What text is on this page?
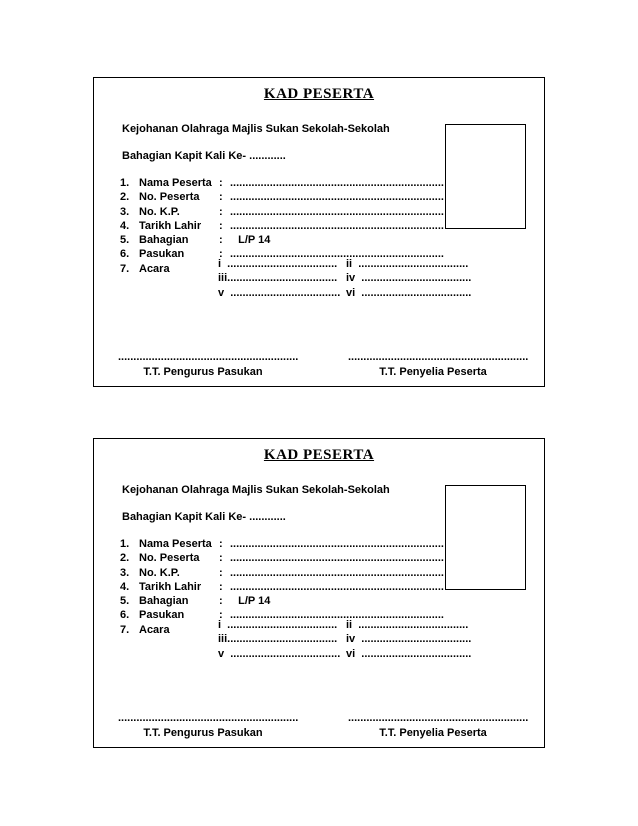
KAD PESERTA
Kejohanan Olahraga Majlis Sukan Sekolah-Sekolah
Bahagian Kapit Kali Ke- ............
1. Nama Peserta : ......................................................................
2. No. Peserta : ......................................................................
3. No. K.P.	: ......................................................................
4. Tarikh Lahir : ......................................................................
5. Bahagian	: L/P 14
6. Pasukan	: ......................................................................
7. Acara	i  .................................... ii  ....................................
iii.................................... iv  ....................................
v  .................................... vi  ....................................
...........................................................
T.T. Pengurus Pasukan
...........................................................
T.T. Penyelia Peserta
KAD PESERTA
Kejohanan Olahraga Majlis Sukan Sekolah-Sekolah
Bahagian Kapit Kali Ke- ............
1. Nama Peserta : ......................................................................
2. No. Peserta : ......................................................................
3. No. K.P.	: ......................................................................
4. Tarikh Lahir : ......................................................................
5. Bahagian	: L/P 14
6. Pasukan	: ......................................................................
7. Acara	i  .................................... ii  ....................................
iii.................................... iv  ....................................
v  .................................... vi  ....................................
...........................................................
T.T. Pengurus Pasukan
...........................................................
T.T. Penyelia Peserta
